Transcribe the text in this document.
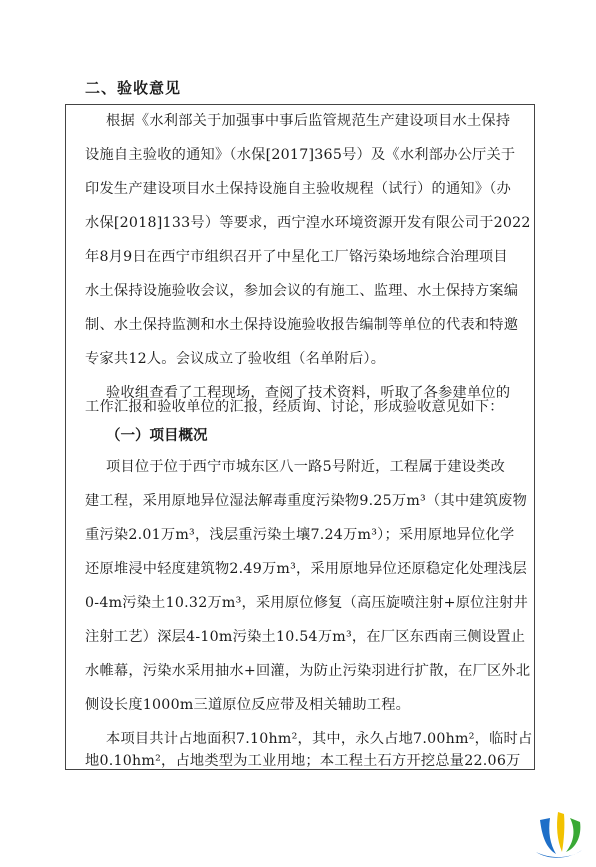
二、验收意见
根据《水利部关于加强事中事后监管规范生产建设项目水土保持
设施自主验收的通知》（水保[2017]365号）及《水利部办公厅关于
印发生产建设项目水土保持设施自主验收规程（试行）的通知》（办
水保[2018]133号）等要求，西宁湟水环境资源开发有限公司于2022
年8月9日在西宁市组织召开了中星化工厂铬污染场地综合治理项目
水土保持设施验收会议，参加会议的有施工、监理、水土保持方案编
制、水土保持监测和水土保持设施验收报告编制等单位的代表和特邀
专家共12人。会议成立了验收组（名单附后）。
验收组查看了工程现场，查阅了技术资料，听取了各参建单位的
工作汇报和验收单位的汇报，经质询、讨论，形成验收意见如下：
（一）项目概况
项目位于位于西宁市城东区八一路5号附近，工程属于建设类改
建工程，采用原地异位湿法解毒重度污染物9.25万m³（其中建筑废物
重污染2.01万m³，浅层重污染土壤7.24万m³）；采用原地异位化学
还原堆浸中轻度建筑物2.49万m³，采用原地异位还原稳定化处理浅层
0-4m污染土10.32万m³，采用原位修复（高压旋喷注射+原位注射井
注射工艺）深层4-10m污染土10.54万m³，在厂区东西南三侧设置止
水帷幕，污染水采用抽水+回灌，为防止污染羽进行扩散，在厂区外北
侧设长度1000m三道原位反应带及相关辅助工程。
本项目共计占地面积7.10hm²，其中，永久占地7.00hm²，临时占
地0.10hm²，占地类型为工业用地；本工程土石方开挖总量22.06万
